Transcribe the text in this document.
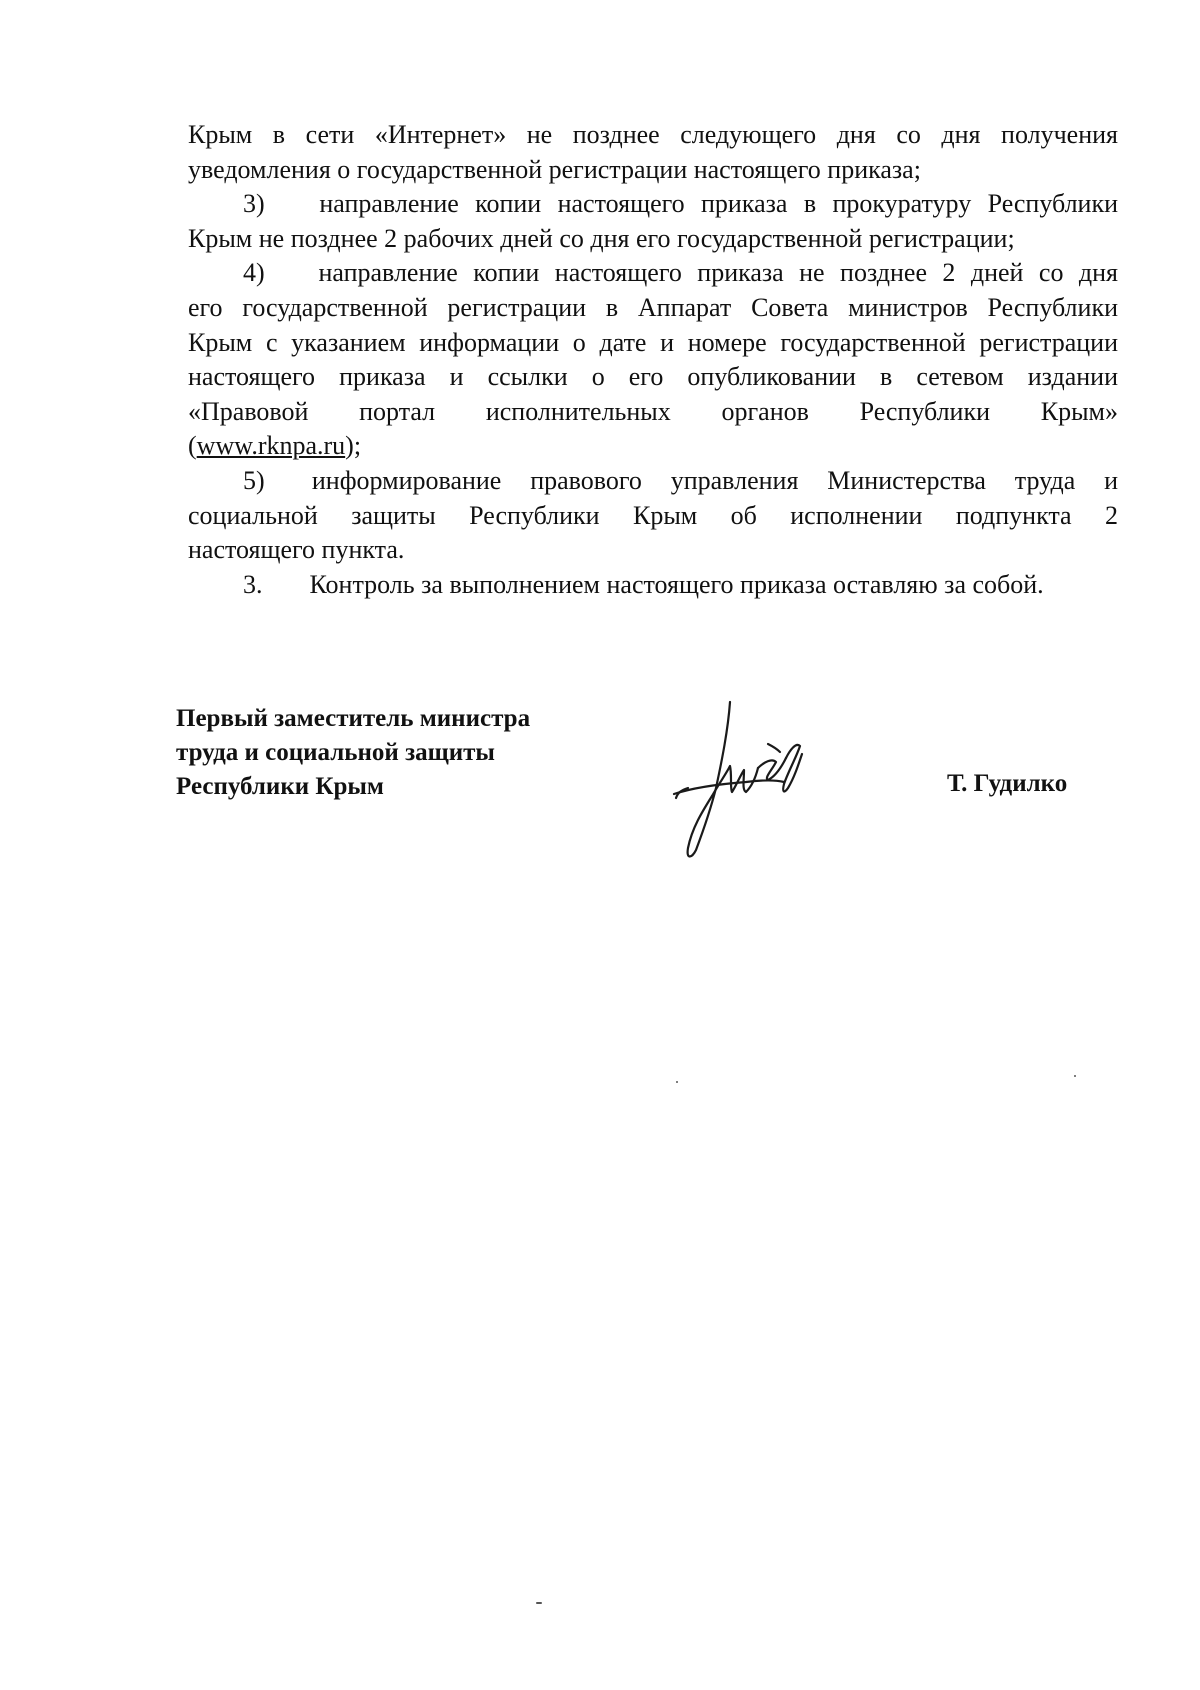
Крым в сети «Интернет» не позднее следующего дня со дня получения
уведомления о государственной регистрации настоящего приказа;

3) направление копии настоящего приказа в прокуратуру Республики
Крым не позднее 2 рабочих дней со дня его государственной регистрации;

4) направление копии настоящего приказа не позднее 2 дней со дня
его государственной регистрации в Аппарат Совета министров Республики
Крым с указанием информации о дате и номере государственной регистрации
настоящего приказа и ссылки о его опубликовании в сетевом издании
«Правовой портал исполнительных органов Республики Крым»
(www.rknpa.ru);

5) информирование правового управления Министерства труда и
социальной защиты Республики Крым об исполнении подпункта 2
настоящего пункта.

3. Контроль за выполнением настоящего приказа оставляю за собой.

Первый заместитель министра
труда и социальной защиты
Республики Крым	Т. Гудилко
